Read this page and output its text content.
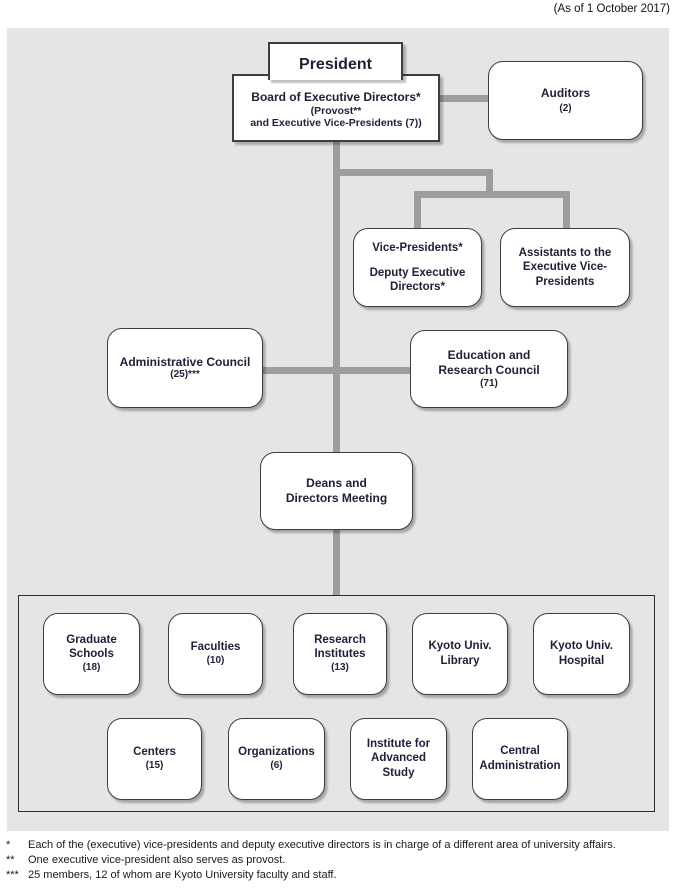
(As of 1 October 2017)
Board of Executive Directors*
(Provost**
and Executive Vice-Presidents (7))
President
Auditors
(2)
Vice-Presidents*
Deputy Executive Directors*
Assistants to the Executive Vice-Presidents
Administrative Council
(25)***
Education and Research Council
(71)
Deans and Directors Meeting
Graduate Schools
(18)
Faculties
(10)
Research Institutes
(13)
Kyoto Univ. Library
Kyoto Univ. Hospital
Centers
(15)
Organizations
(6)
Institute for Advanced Study
Central Administration
*	Each of the (executive) vice-presidents and deputy executive directors is in charge of a different area of university affairs.
**	One executive vice-president also serves as provost.
*** 25 members, 12 of whom are Kyoto University faculty and staff.
